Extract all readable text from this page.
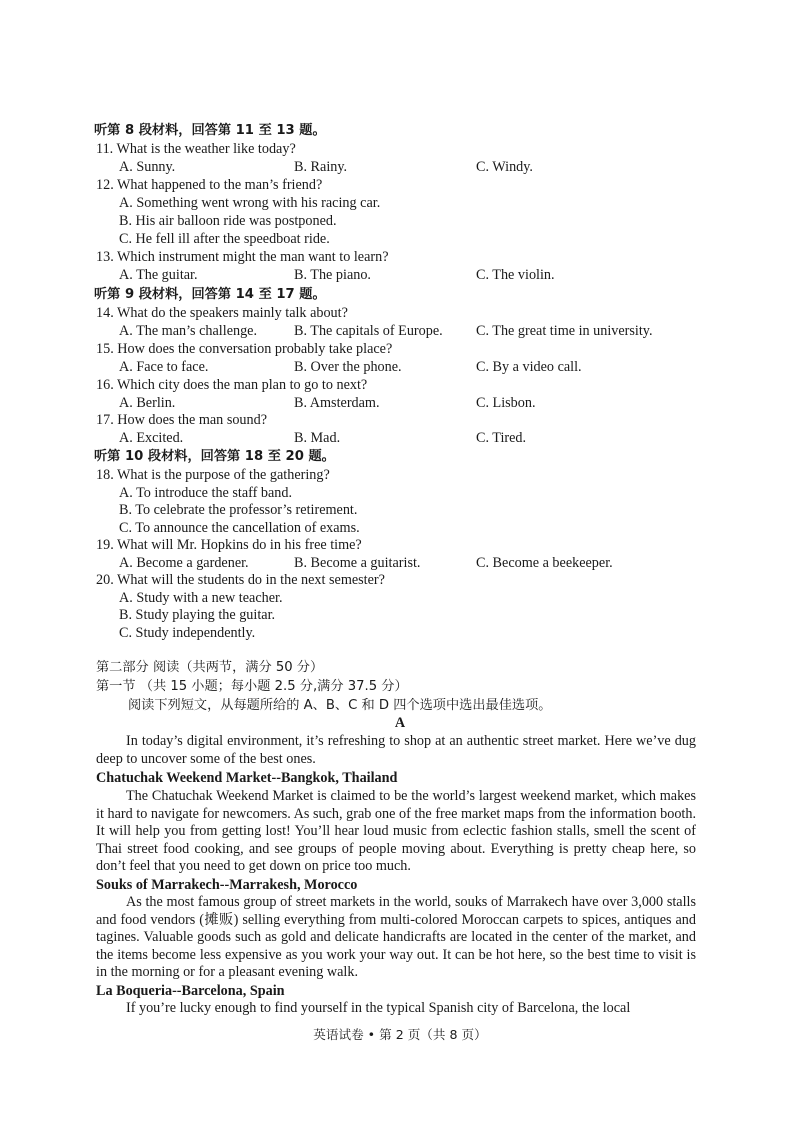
听第 8 段材料，回答第 11 至 13 题。
11. What is the weather like today?
A. Sunny.	B. Rainy.	C. Windy.
12. What happened to the man’s friend?
A. Something went wrong with his racing car.
B. His air balloon ride was postponed.
C. He fell ill after the speedboat ride.
13. Which instrument might the man want to learn?
A. The guitar.	B. The piano.	C. The violin.
听第 9 段材料，回答第 14 至 17 题。
14. What do the speakers mainly talk about?
A. The man’s challenge.	B. The capitals of Europe. C. The great time in university.
15. How does the conversation probably take place?
A. Face to face.	B. Over the phone.	C. By a video call.
16. Which city does the man plan to go to next?
A. Berlin.	B. Amsterdam.	C. Lisbon.
17. How does the man sound?
A. Excited.	B. Mad.	C. Tired.
听第 10 段材料，回答第 18 至 20 题。
18. What is the purpose of the gathering?
A. To introduce the staff band.
B. To celebrate the professor’s retirement.
C. To announce the cancellation of exams.
19. What will Mr. Hopkins do in his free time?
A. Become a gardener.	B. Become a guitarist.	C. Become a beekeeper.
20. What will the students do in the next semester?
A. Study with a new teacher.
B. Study playing the guitar.
C. Study independently.
第二部分 阅读（共两节，满分 50 分）
第一节 （共 15 小题；每小题 2.5 分,满分 37.5 分）
阅读下列短文，从每题所给的 A、B、C 和 D 四个选项中选出最佳选项。
A
In today’s digital environment, it’s refreshing to shop at an authentic street market. Here we’ve dug deep to uncover some of the best ones.
Chatuchak Weekend Market--Bangkok, Thailand
The Chatuchak Weekend Market is claimed to be the world’s largest weekend market, which makes it hard to navigate for newcomers. As such, grab one of the free market maps from the information booth. It will help you from getting lost! You’ll hear loud music from eclectic fashion stalls, smell the scent of Thai street food cooking, and see groups of people moving about. Everything is pretty cheap here, so don’t feel that you need to get down on price too much.
Souks of Marrakech--Marrakesh, Morocco
As the most famous group of street markets in the world, souks of Marrakech have over 3,000 stalls and food vendors (摊贩) selling everything from multi-colored Moroccan carpets to spices, antiques and tagines. Valuable goods such as gold and delicate handicrafts are located in the center of the market, and the items become less expensive as you work your way out. It can be hot here, so the best time to visit is in the morning or for a pleasant evening walk.
La Boqueria--Barcelona, Spain
If you’re lucky enough to find yourself in the typical Spanish city of Barcelona, the local
英语试卷 • 第 2 页（共 8 页）
